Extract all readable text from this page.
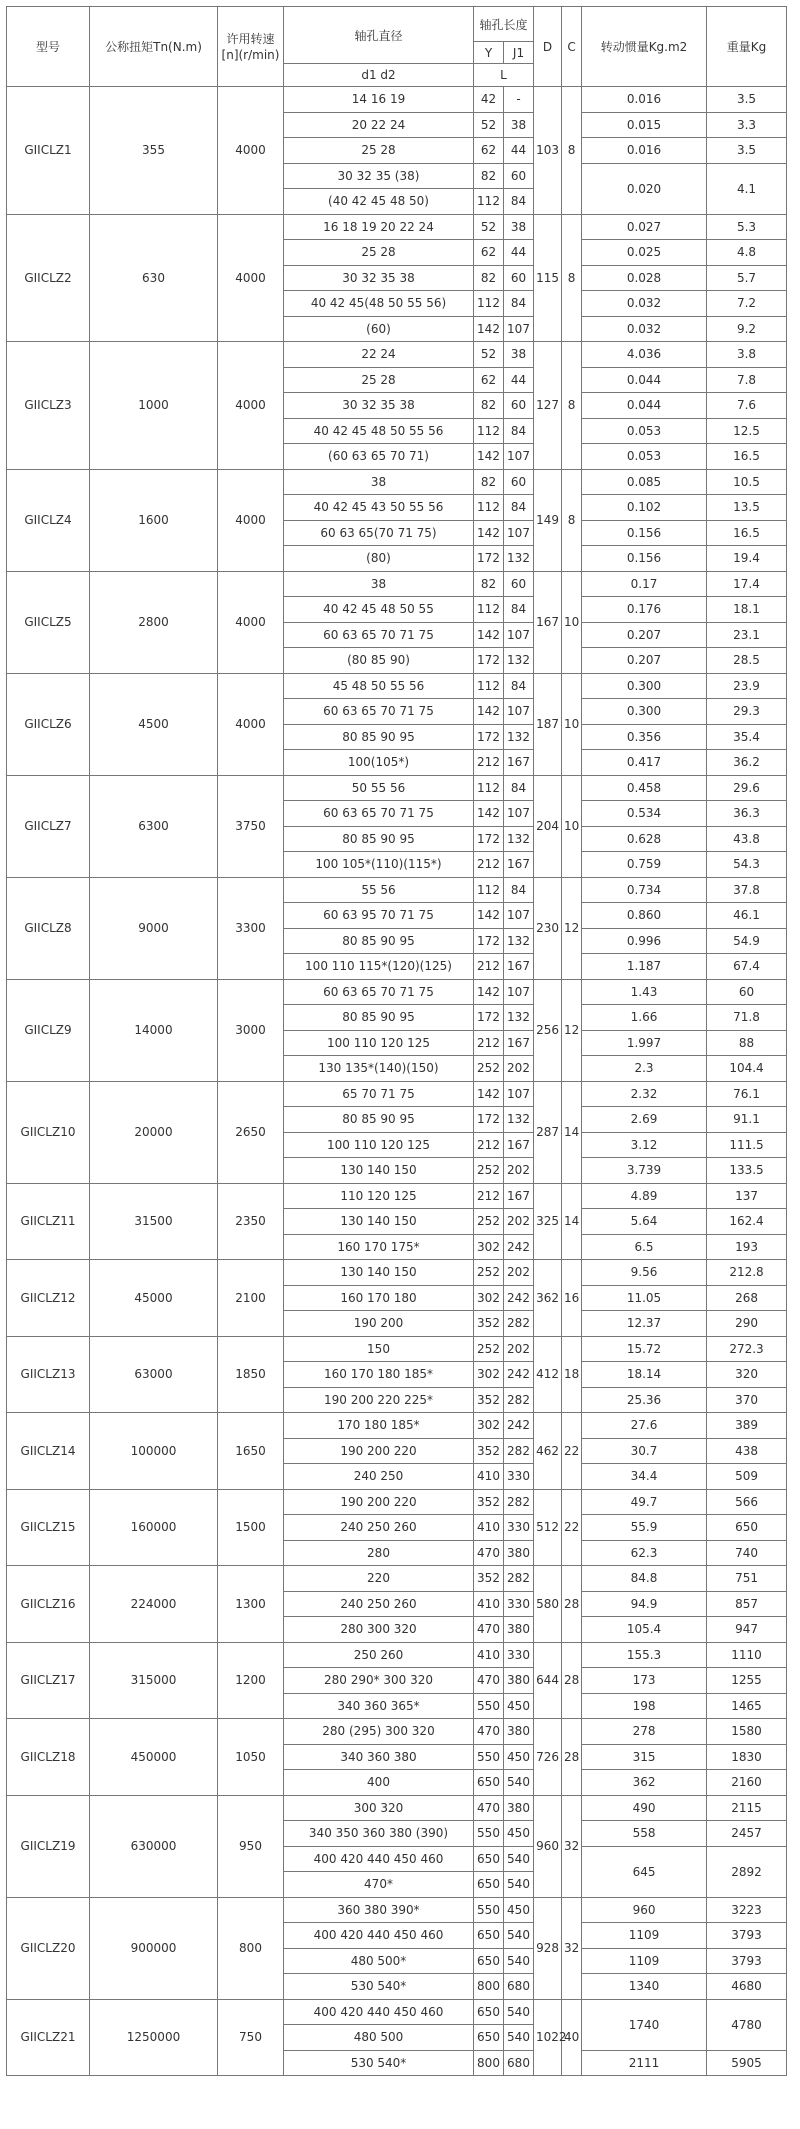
型号	公称扭矩Tn(N.m)	许用转速 [n](r/min)	轴孔直径	轴孔长度		D	C	转动惯量Kg.m2	重量Kg
				Y	J1				
			d1 d2	L					
GIICLZ1	355	4000	14 16 19	42	-	103	8	0.016	3.5
			20 22 24	52	38			0.015	3.3
			25 28	62	44			0.016	3.5
			30 32 35 (38)	82	60			0.020	4.1
			(40 42 45 48 50)	112	84				
GIICLZ2	630	4000	16 18 19 20 22 24	52	38	115	8	0.027	5.3
			25 28	62	44			0.025	4.8
			30 32 35 38	82	60			0.028	5.7
			40 42 45(48 50 55 56)	112	84			0.032	7.2
			(60)	142	107			0.032	9.2
GIICLZ3	1000	4000	22 24	52	38	127	8	4.036	3.8
			25 28	62	44			0.044	7.8
			30 32 35 38	82	60			0.044	7.6
			40 42 45 48 50 55 56	112	84			0.053	12.5
			(60 63 65 70 71)	142	107			0.053	16.5
GIICLZ4	1600	4000	38	82	60	149	8	0.085	10.5
			40 42 45 43 50 55 56	112	84			0.102	13.5
			60 63 65(70 71 75)	142	107			0.156	16.5
			(80)	172	132			0.156	19.4
GIICLZ5	2800	4000	38	82	60	167	10	0.17	17.4
			40 42 45 48 50 55	112	84			0.176	18.1
			60 63 65 70 71 75	142	107			0.207	23.1
			(80 85 90)	172	132			0.207	28.5
GIICLZ6	4500	4000	45 48 50 55 56	112	84	187	10	0.300	23.9
			60 63 65 70 71 75	142	107			0.300	29.3
			80 85 90 95	172	132			0.356	35.4
			100(105*)	212	167			0.417	36.2
GIICLZ7	6300	3750	50 55 56	112	84	204	10	0.458	29.6
			60 63 65 70 71 75	142	107			0.534	36.3
			80 85 90 95	172	132			0.628	43.8
			100 105*(110)(115*)	212	167			0.759	54.3
GIICLZ8	9000	3300	55 56	112	84	230	12	0.734	37.8
			60 63 95 70 71 75	142	107			0.860	46.1
			80 85 90 95	172	132			0.996	54.9
			100 110 115*(120)(125)	212	167			1.187	67.4
GIICLZ9	14000	3000	60 63 65 70 71 75	142	107	256	12	1.43	60
			80 85 90 95	172	132			1.66	71.8
			100 110 120 125	212	167			1.997	88
			130 135*(140)(150)	252	202			2.3	104.4
GIICLZ10	20000	2650	65 70 71 75	142	107	287	14	2.32	76.1
			80 85 90 95	172	132			2.69	91.1
			100 110 120 125	212	167			3.12	111.5
			130 140 150	252	202			3.739	133.5
GIICLZ11	31500	2350	110 120 125	212	167	325	14	4.89	137
			130 140 150	252	202			5.64	162.4
			160 170 175*	302	242			6.5	193
GIICLZ12	45000	2100	130 140 150	252	202	362	16	9.56	212.8
			160 170 180	302	242			11.05	268
			190 200	352	282			12.37	290
GIICLZ13	63000	1850	150	252	202	412	18	15.72	272.3
			160 170 180 185*	302	242			18.14	320
			190 200 220 225*	352	282			25.36	370
GIICLZ14	100000	1650	170 180 185*	302	242	462	22	27.6	389
			190 200 220	352	282			30.7	438
			240 250	410	330			34.4	509
GIICLZ15	160000	1500	190 200 220	352	282	512	22	49.7	566
			240 250 260	410	330			55.9	650
			280	470	380			62.3	740
GIICLZ16	224000	1300	220	352	282	580	28	84.8	751
			240 250 260	410	330			94.9	857
			280 300 320	470	380			105.4	947
GIICLZ17	315000	1200	250 260	410	330	644	28	155.3	1110
			280 290* 300 320	470	380			173	1255
			340 360 365*	550	450			198	1465
GIICLZ18	450000	1050	280 (295) 300 320	470	380	726	28	278	1580
			340 360 380	550	450			315	1830
			400	650	540			362	2160
GIICLZ19	630000	950	300 320	470	380	960	32	490	2115
			340 350 360 380 (390)	550	450			558	2457
			400 420 440 450 460	650	540			645	2892
			470*	650	540				
GIICLZ20	900000	800	360 380 390*	550	450	928	32	960	3223
			400 420 440 450 460	650	540			1109	3793
			480 500*	650	540			1109	3793
			530 540*	800	680			1340	4680
GIICLZ21	1250000	750	400 420 440 450 460	650	540	1022	40	1740	4780
			480 500	650	540				
			530 540*	800	680			2111	5905
